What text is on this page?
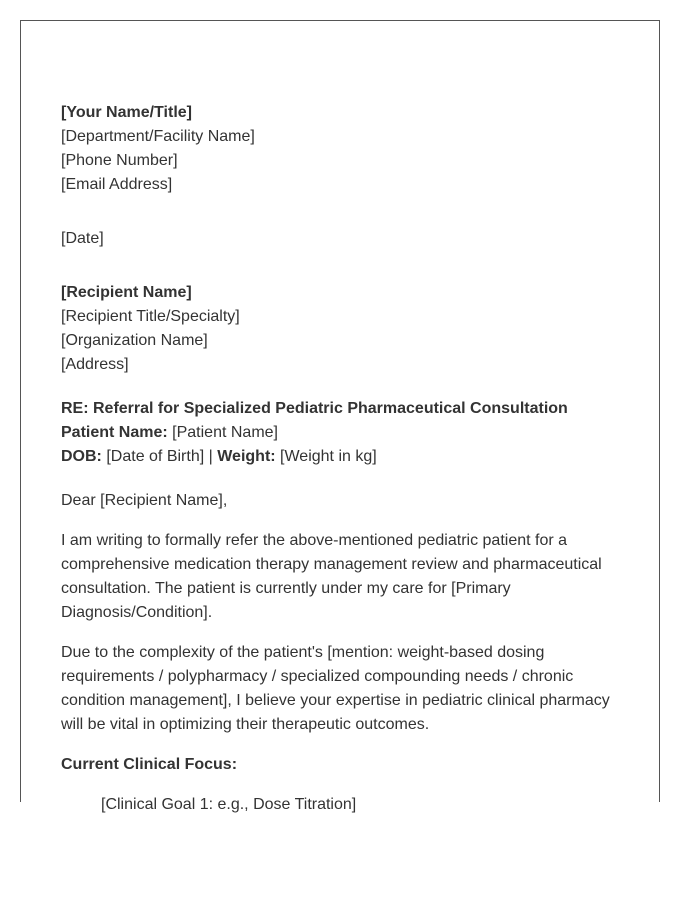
[Your Name/Title]
[Department/Facility Name]
[Phone Number]
[Email Address]
[Date]
[Recipient Name]
[Recipient Title/Specialty]
[Organization Name]
[Address]
RE: Referral for Specialized Pediatric Pharmaceutical Consultation
Patient Name: [Patient Name]
DOB: [Date of Birth] | Weight: [Weight in kg]
Dear [Recipient Name],

I am writing to formally refer the above-mentioned pediatric patient for a
comprehensive medication therapy management review and pharmaceutical
consultation. The patient is currently under my care for [Primary
Diagnosis/Condition].

Due to the complexity of the patient's [mention: weight-based dosing
requirements / polypharmacy / specialized compounding needs / chronic
condition management], I believe your expertise in pediatric clinical pharmacy
will be vital in optimizing their therapeutic outcomes.

Current Clinical Focus:

[Clinical Goal 1: e.g., Dose Titration]
